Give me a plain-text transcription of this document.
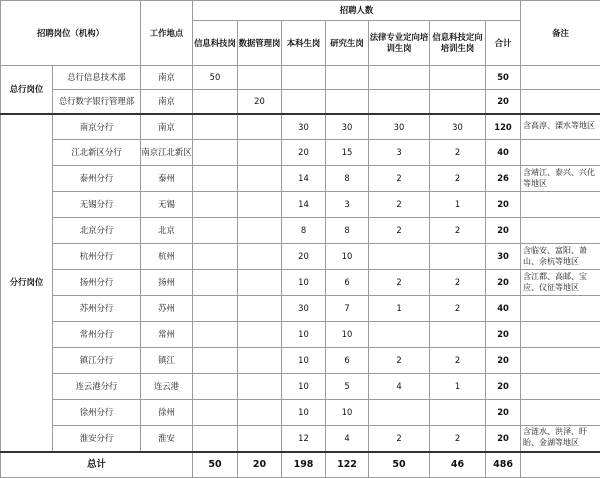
招聘岗位（机构）		工作地点	招聘人数							备注
			信息科技岗	数据管理岗	本科生岗	研究生岗	法律专业定向培训生岗	信息科技定向培训生岗	合计	
总行岗位	总行信息技术部	南京	50						50	
	总行数字银行管理部	南京		20					20	
分行岗位	南京分行	南京			30	30	30	30	120	含高淳、溧水等地区
	江北新区分行	南京江北新区			20	15	3	2	40	
	泰州分行	泰州			14	8	2	2	26	含靖江、泰兴、兴化等地区
	无锡分行	无锡			14	3	2	1	20	
	北京分行	北京			8	8	2	2	20	
	杭州分行	杭州			20	10			30	含临安、富阳、萧山、余杭等地区
	扬州分行	扬州			10	6	2	2	20	含江都、高邮、宝应、仪征等地区
	苏州分行	苏州			30	7	1	2	40	
	常州分行	常州			10	10			20	
	镇江分行	镇江			10	6	2	2	20	
	连云港分行	连云港			10	5	4	1	20	
	徐州分行	徐州			10	10			20	
	淮安分行	淮安			12	4	2	2	20	含涟水、洪泽、盱眙、金湖等地区
总计			50	20	198	122	50	46	486	
